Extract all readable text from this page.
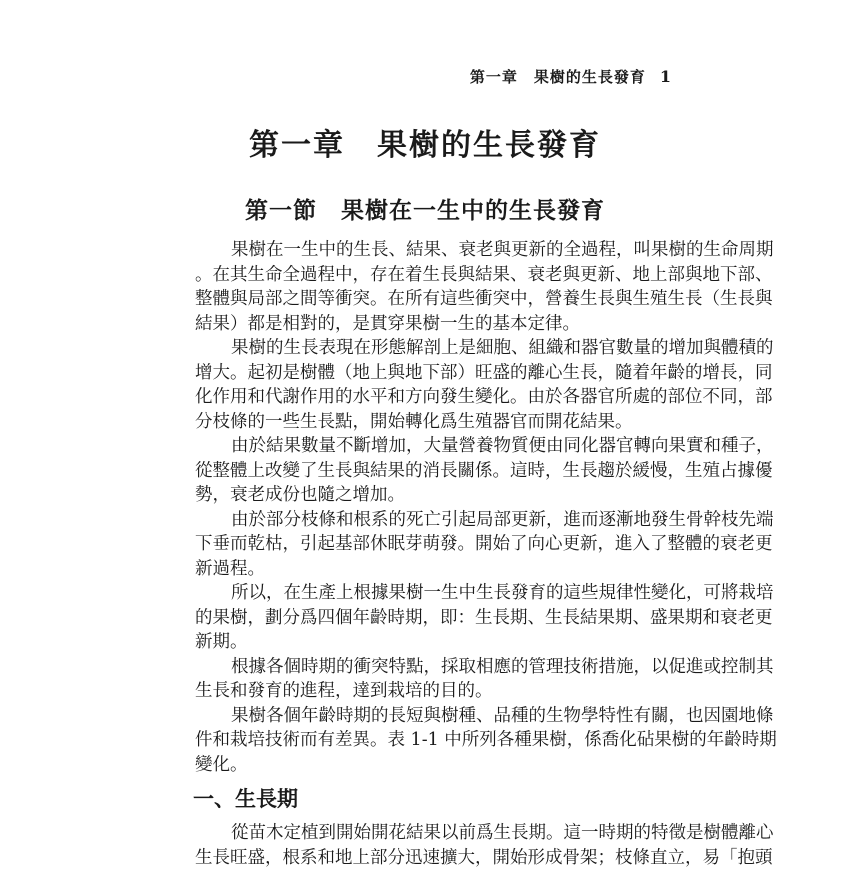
第一章　果樹的生長發育 1
第一章　果樹的生長發育
第一節　果樹在一生中的生長發育
果樹在一生中的生長、結果、衰老與更新的全過程，叫果樹的生命周期
。在其生命全過程中，存在着生長與結果、衰老與更新、地上部與地下部、
整體與局部之間等衝突。在所有這些衝突中，營養生長與生殖生長（生長與
結果）都是相對的，是貫穿果樹一生的基本定律。
果樹的生長表現在形態解剖上是細胞、組織和器官數量的增加與體積的
增大。起初是樹體（地上與地下部）旺盛的離心生長，隨着年齡的增長，同
化作用和代謝作用的水平和方向發生變化。由於各器官所處的部位不同，部
分枝條的一些生長點，開始轉化爲生殖器官而開花結果。
由於結果數量不斷增加，大量營養物質便由同化器官轉向果實和種子，
從整體上改變了生長與結果的消長關係。這時，生長趨於緩慢，生殖占據優
勢，衰老成份也隨之增加。
由於部分枝條和根系的死亡引起局部更新，進而逐漸地發生骨幹枝先端
下垂而乾枯，引起基部休眠芽萌發。開始了向心更新，進入了整體的衰老更
新過程。
所以，在生產上根據果樹一生中生長發育的這些規律性變化，可將栽培
的果樹，劃分爲四個年齡時期，即：生長期、生長結果期、盛果期和衰老更
新期。
根據各個時期的衝突特點，採取相應的管理技術措施，以促進或控制其
生長和發育的進程，達到栽培的目的。
果樹各個年齡時期的長短與樹種、品種的生物學特性有關，也因園地條
件和栽培技術而有差異。表 1-1 中所列各種果樹，係喬化砧果樹的年齡時期
變化。
一、生長期
從苗木定植到開始開花結果以前爲生長期。這一時期的特徵是樹體離心
生長旺盛，根系和地上部分迅速擴大，開始形成骨架；枝條直立，易「抱頭
